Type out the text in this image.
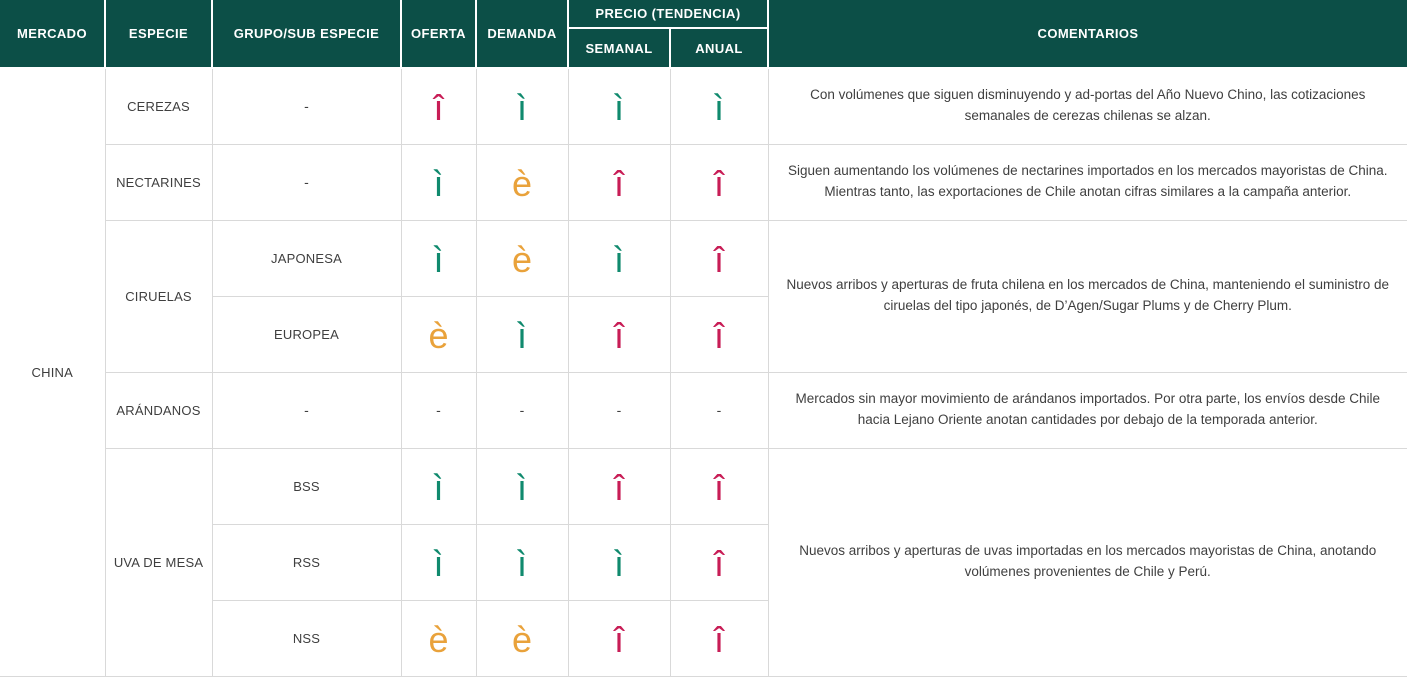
MERCADO	ESPECIE	GRUPO/SUB ESPECIE	OFERTA	DEMANDA	PRECIO (TENDENCIA)		COMENTARIOS
					SEMANAL	ANUAL	
CHINA	CEREZAS	-	î	ì	ì	ì	Con volúmenes que siguen disminuyendo y ad-portas del Año Nuevo Chino, las cotizaciones semanales de cerezas chilenas se alzan.
	NECTARINES	-	ì	è	î	î	Siguen aumentando los volúmenes de nectarines importados en los mercados mayoristas de China. Mientras tanto, las exportaciones de Chile anotan cifras similares a la campaña anterior.
	CIRUELAS	JAPONESA	ì	è	ì	î	Nuevos arribos y aperturas de fruta chilena en los mercados de China, manteniendo el suministro de ciruelas del tipo japonés, de D’Agen/Sugar Plums y de Cherry Plum.
		EUROPEA	è	ì	î	î	
	ARÁNDANOS	-	-	-	-	-	Mercados sin mayor movimiento de arándanos importados. Por otra parte, los envíos desde Chile hacia Lejano Oriente anotan cantidades por debajo de la temporada anterior.
	UVA DE MESA	BSS	ì	ì	î	î	Nuevos arribos y aperturas de uvas importadas en los mercados mayoristas de China, anotando volúmenes provenientes de Chile y Perú.
		RSS	ì	ì	ì	î	
		NSS	è	è	î	î	
